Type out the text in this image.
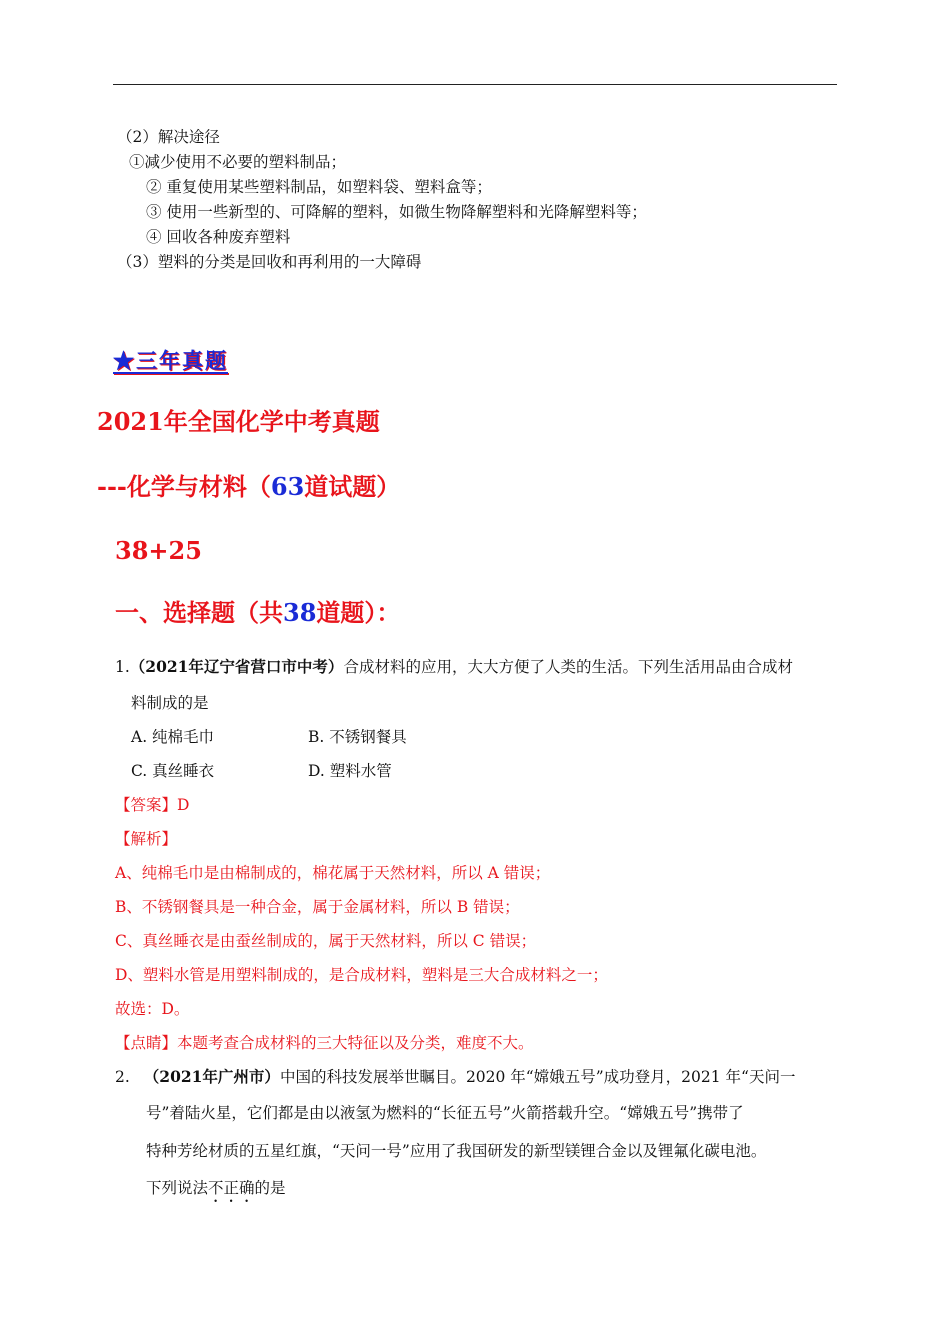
（2）解决途径
①减少使用不必要的塑料制品；
② 重复使用某些塑料制品，如塑料袋、塑料盒等；
③ 使用一些新型的、可降解的塑料，如微生物降解塑料和光降解塑料等；
④ 回收各种废弃塑料
（3）塑料的分类是回收和再利用的一大障碍
★三年真题
2021年全国化学中考真题
---化学与材料（63道试题）
38+25
一、选择题（共38道题）：
1.（2021年辽宁省营口市中考）合成材料的应用，大大方便了人类的生活。下列生活用品由合成材
料制成的是
A. 纯棉毛巾	B. 不锈钢餐具
C. 真丝睡衣	D. 塑料水管
【答案】D
【解析】
A、纯棉毛巾是由棉制成的，棉花属于天然材料，所以 A 错误；
B、不锈钢餐具是一种合金，属于金属材料，所以 B 错误；
C、真丝睡衣是由蚕丝制成的，属于天然材料，所以 C 错误；
D、塑料水管是用塑料制成的，是合成材料，塑料是三大合成材料之一；
故选：D。
【点睛】本题考查合成材料的三大特征以及分类，难度不大。
2. （2021年广州市）中国的科技发展举世瞩目。2020 年“嫦娥五号”成功登月，2021 年“天问一
号”着陆火星，它们都是由以液氢为燃料的“长征五号”火箭搭载升空。“嫦娥五号”携带了
特种芳纶材质的五星红旗，“天问一号”应用了我国研发的新型镁锂合金以及锂氟化碳电池。
下列说法不正确的是
